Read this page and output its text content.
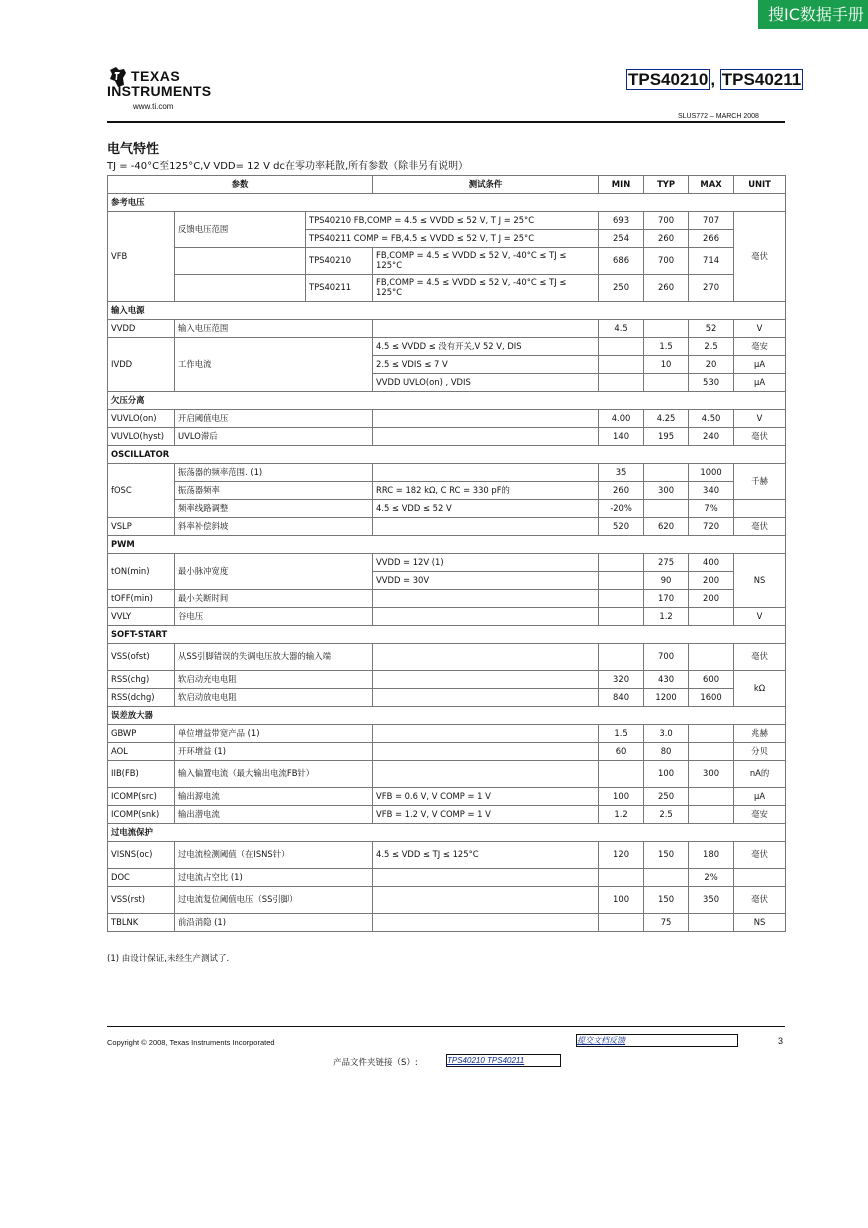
搜IC数据手册
TEXAS
INSTRUMENTS
www.ti.com
TPS40210 , TPS40211
SLUS772 – MARCH 2008
电气特性
TJ = -40°C至125°C,V VDD= 12 V dc在零功率耗散,所有参数（除非另有说明）
参数			测试条件	MIN	TYP	MAX	UNIT
参考电压							
VFB	反馈电压范围	TPS40210 FB,COMP = 4.5 ≤ VVDD ≤ 52 V, T J = 25°C		693	700	707	毫伏
		TPS40211 COMP = FB,4.5 ≤ VVDD ≤ 52 V, T J = 25°C		254	260	266	
		TPS40210	FB,COMP = 4.5 ≤ VVDD ≤ 52 V, -40°C ≤ TJ ≤ 125°C	686	700	714	
		TPS40211	FB,COMP = 4.5 ≤ VVDD ≤ 52 V, -40°C ≤ TJ ≤ 125°C	250	260	270	
输入电源							
VVDD	输入电压范围			4.5		52	V
IVDD	工作电流		4.5 ≤ VVDD ≤ 没有开关,V 52 V, DIS		1.5	2.5	毫安
			2.5 ≤ VDIS ≤ 7 V		10	20	μA
			VVDD UVLO(on) , VDIS			530	μA
欠压分离							
VUVLO(on)	开启阈值电压			4.00	4.25	4.50	V
VUVLO(hyst)	UVLO滞后			140	195	240	毫伏
OSCILLATOR							
fOSC	振荡器的频率范围. (1)			35		1000	千赫
	振荡器频率		RRC = 182 kΩ, C RC = 330 pF的	260	300	340	
	频率线路调整		4.5 ≤ VDD ≤ 52 V	-20%		7%	
VSLP	斜率补偿斜坡			520	620	720	毫伏
PWM							
tON(min)	最小脉冲宽度		VVDD = 12V (1)		275	400	NS
			VVDD = 30V		90	200	
tOFF(min)	最小关断时间				170	200	
VVLY	谷电压				1.2		V
SOFT-START							
VSS(ofst)	从SS引脚错误的失调电压放大器的输入端				700		毫伏
RSS(chg)	软启动充电电阻			320	430	600	kΩ
RSS(dchg)	软启动放电电阻			840	1200	1600	
误差放大器							
GBWP	单位增益带宽产品 (1)			1.5	3.0		兆赫
AOL	开环增益 (1)			60	80		分贝
IIB(FB)	输入偏置电流（最大输出电流FB针）				100	300	nA的
ICOMP(src)	输出源电流		VFB = 0.6 V, V COMP = 1 V	100	250		μA
ICOMP(snk)	输出潜电流		VFB = 1.2 V, V COMP = 1 V	1.2	2.5		毫安
过电流保护							
VISNS(oc)	过电流检测阈值（在ISNS针）		4.5 ≤ VDD ≤ TJ ≤ 125°C	120	150	180	毫伏
DOC	过电流占空比 (1)					2%	
VSS(rst)	过电流复位阈值电压（SS引脚）			100	150	350	毫伏
TBLNK	前沿消隐 (1)				75		NS
(1) 由设计保证,未经生产测试了.
Copyright © 2008, Texas Instruments Incorporated	提交文档反馈	3
产品文件夹链接（S）:	TPS40210 TPS40211
